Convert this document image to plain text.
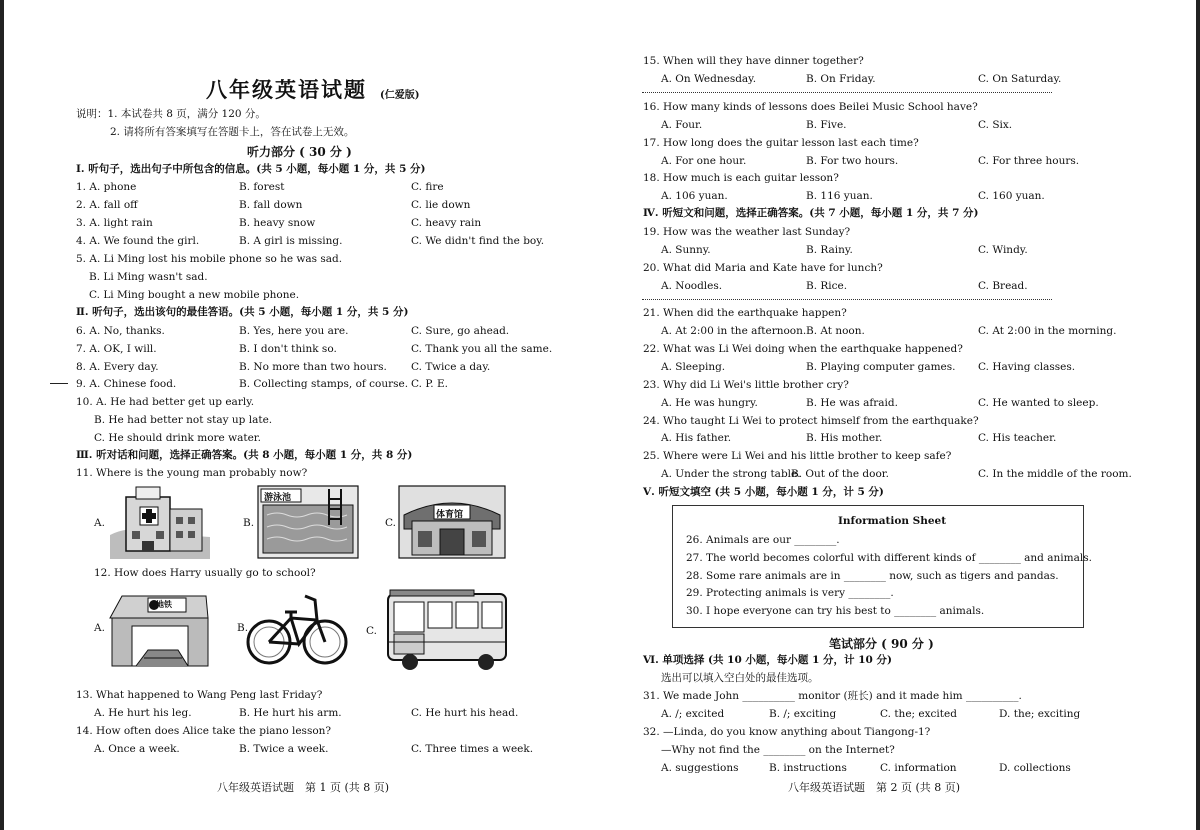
八年级英语试题 (仁爱版)
说明：1. 本试卷共 8 页，满分 120 分。
2. 请将所有答案填写在答题卡上，答在试卷上无效。
听力部分 ( 30 分 )
Ⅰ. 听句子，选出句子中所包含的信息。(共 5 小题，每小题 1 分，共 5 分)
1. A. phone	B. forest	C. fire
2. A. fall off	B. fall down	C. lie down
3. A. light rain	B. heavy snow	C. heavy rain
4. A. We found the girl.	B. A girl is missing.	C. We didn't find the boy.
5. A. Li Ming lost his mobile phone so he was sad.
B. Li Ming wasn't sad.
C. Li Ming bought a new mobile phone.
Ⅱ. 听句子，选出该句的最佳答语。(共 5 小题，每小题 1 分，共 5 分)
6. A. No, thanks.	B. Yes, here you are.	C. Sure, go ahead.
7. A. OK, I will.	B. I don't think so.	C. Thank you all the same.
8. A. Every day.	B. No more than two hours. C. Twice a day.
9. A. Chinese food.	B. Collecting stamps, of course. C. P. E.
10. A. He had better get up early.
B. He had better not stay up late.
C. He should drink more water.
Ⅲ. 听对话和问题，选择正确答案。(共 8 小题，每小题 1 分，共 8 分)
11. Where is the young man probably now?
A.	B.
游泳池
C.
体育馆
12. How does Harry usually go to school?
A.
地铁
B.	C.
13. What happened to Wang Peng last Friday?
A. He hurt his leg.	B. He hurt his arm.	C. He hurt his head.
14. How often does Alice take the piano lesson?
A. Once a week.	B. Twice a week.	C. Three times a week.
八年级英语试题　第 1 页 (共 8 页)
15. When will they have dinner together?
A. On Wednesday.	B. On Friday.	C. On Saturday.
16. How many kinds of lessons does Beilei Music School have?
A. Four.	B. Five.	C. Six.
17. How long does the guitar lesson last each time?
A. For one hour.	B. For two hours.	C. For three hours.
18. How much is each guitar lesson?
A. 106 yuan.	B. 116 yuan.	C. 160 yuan.
Ⅳ. 听短文和问题，选择正确答案。(共 7 小题，每小题 1 分，共 7 分)
19. How was the weather last Sunday?
A. Sunny.	B. Rainy.	C. Windy.
20. What did Maria and Kate have for lunch?
A. Noodles.	B. Rice.	C. Bread.
21. When did the earthquake happen?
A. At 2:00 in the afternoon. B. At noon.	C. At 2:00 in the morning.
22. What was Li Wei doing when the earthquake happened?
A. Sleeping.	B. Playing computer games. C. Having classes.
23. Why did Li Wei's little brother cry?
A. He was hungry.	B. He was afraid.	C. He wanted to sleep.
24. Who taught Li Wei to protect himself from the earthquake?
A. His father.	B. His mother.	C. His teacher.
25. Where were Li Wei and his little brother to keep safe?
A. Under the strong table.
B. Out of the door.	C. In the middle of the room.
Ⅴ. 听短文填空 (共 5 小题，每小题 1 分，计 5 分)
Information Sheet
26. Animals are our ________.
27. The world becomes colorful with different kinds of ________ and animals.
28. Some rare animals are in ________ now, such as tigers and pandas.
29. Protecting animals is very ________.
30. I hope everyone can try his best to ________ animals.
笔试部分 ( 90 分 )
Ⅵ. 单项选择 (共 10 小题，每小题 1 分，计 10 分)
选出可以填入空白处的最佳选项。
31. We made John __________ monitor (班长) and it made him __________.
A. /; excited	B. /; exciting	C. the; excited	D. the; exciting
32. —Linda, do you know anything about Tiangong-1?
—Why not find the ________ on the Internet?
A. suggestions	B. instructions	C. information	D. collections
八年级英语试题　第 2 页 (共 8 页)
